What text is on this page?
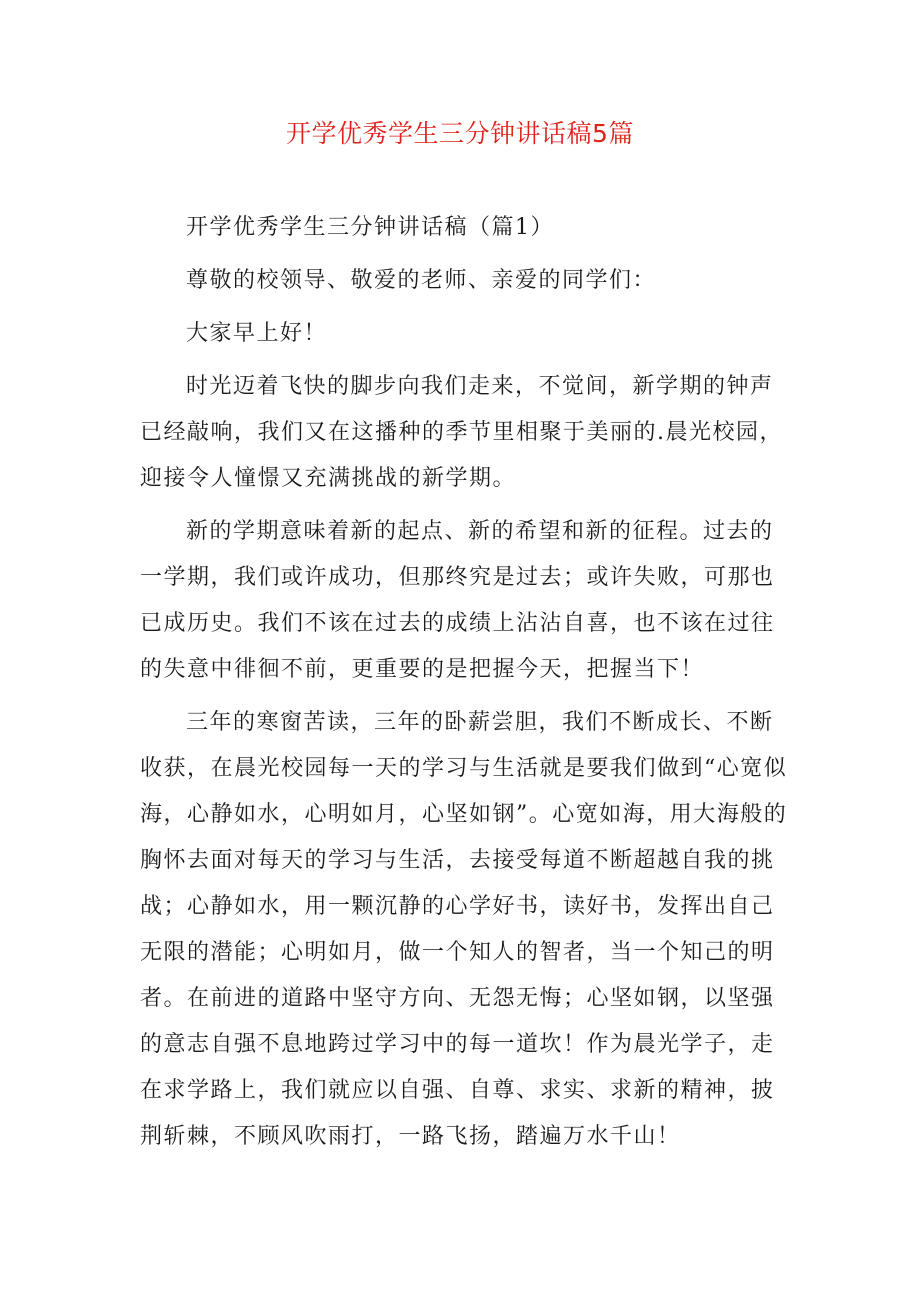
开学优秀学生三分钟讲话稿5篇

开学优秀学生三分钟讲话稿（篇1）

尊敬的校领导、敬爱的老师、亲爱的同学们：

大家早上好！

时光迈着飞快的脚步向我们走来，不觉间，新学期的钟声已经敲响，我们又在这播种的季节里相聚于美丽的.晨光校园，迎接令人憧憬又充满挑战的新学期。

新的学期意味着新的起点、新的希望和新的征程。过去的一学期，我们或许成功，但那终究是过去；或许失败，可那也已成历史。我们不该在过去的成绩上沾沾自喜，也不该在过往的失意中徘徊不前，更重要的是把握今天，把握当下！

三年的寒窗苦读，三年的卧薪尝胆，我们不断成长、不断收获，在晨光校园每一天的学习与生活就是要我们做到“心宽似海，心静如水，心明如月，心坚如钢”。心宽如海，用大海般的胸怀去面对每天的学习与生活，去接受每道不断超越自我的挑战；心静如水，用一颗沉静的心学好书，读好书，发挥出自己无限的潜能；心明如月，做一个知人的智者，当一个知己的明者。在前进的道路中坚守方向、无怨无悔；心坚如钢，以坚强的意志自强不息地跨过学习中的每一道坎！作为晨光学子，走在求学路上，我们就应以自强、自尊、求实、求新的精神，披荆斩棘，不顾风吹雨打，一路飞扬，踏遍万水千山！
